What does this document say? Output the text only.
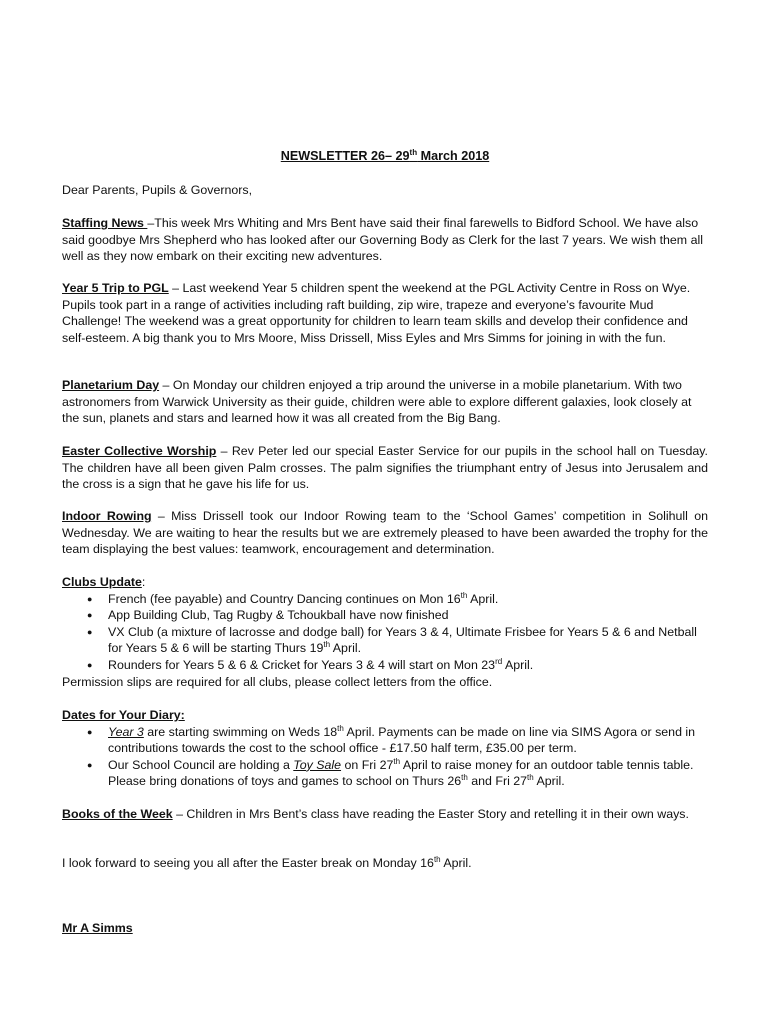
NEWSLETTER 26– 29th March 2018
Dear Parents, Pupils & Governors,
Staffing News –This week Mrs Whiting and Mrs Bent have said their final farewells to Bidford School. We have also said goodbye Mrs Shepherd who has looked after our Governing Body as Clerk for the last 7 years. We wish them all well as they now embark on their exciting new adventures.
Year 5 Trip to PGL – Last weekend Year 5 children spent the weekend at the PGL Activity Centre in Ross on Wye. Pupils took part in a range of activities including raft building, zip wire, trapeze and everyone’s favourite Mud Challenge! The weekend was a great opportunity for children to learn team skills and develop their confidence and self-esteem. A big thank you to Mrs Moore, Miss Drissell, Miss Eyles and Mrs Simms for joining in with the fun.
Planetarium Day – On Monday our children enjoyed a trip around the universe in a mobile planetarium. With two astronomers from Warwick University as their guide, children were able to explore different galaxies, look closely at the sun, planets and stars and learned how it was all created from the Big Bang.
Easter Collective Worship – Rev Peter led our special Easter Service for our pupils in the school hall on Tuesday. The children have all been given Palm crosses. The palm signifies the triumphant entry of Jesus into Jerusalem and the cross is a sign that he gave his life for us.
Indoor Rowing – Miss Drissell took our Indoor Rowing team to the ‘School Games’ competition in Solihull on Wednesday. We are waiting to hear the results but we are extremely pleased to have been awarded the trophy for the team displaying the best values: teamwork, encouragement and determination.
Clubs Update:
● French (fee payable) and Country Dancing continues on Mon 16th April.
● App Building Club, Tag Rugby & Tchoukball have now finished
● VX Club (a mixture of lacrosse and dodge ball) for Years 3 & 4, Ultimate Frisbee for Years 5 & 6 and Netball for Years 5 & 6 will be starting Thurs 19th April.
● Rounders for Years 5 & 6 & Cricket for Years 3 & 4 will start on Mon 23rd April.
Permission slips are required for all clubs, please collect letters from the office.
Dates for Your Diary:
● Year 3 are starting swimming on Weds 18th April. Payments can be made on line via SIMS Agora or send in contributions towards the cost to the school office - £17.50 half term, £35.00 per term.
● Our School Council are holding a Toy Sale on Fri 27th April to raise money for an outdoor table tennis table. Please bring donations of toys and games to school on Thurs 26th and Fri 27th April.
Books of the Week – Children in Mrs Bent’s class have reading the Easter Story and retelling it in their own ways.
I look forward to seeing you all after the Easter break on Monday 16th April.
Mr A Simms
